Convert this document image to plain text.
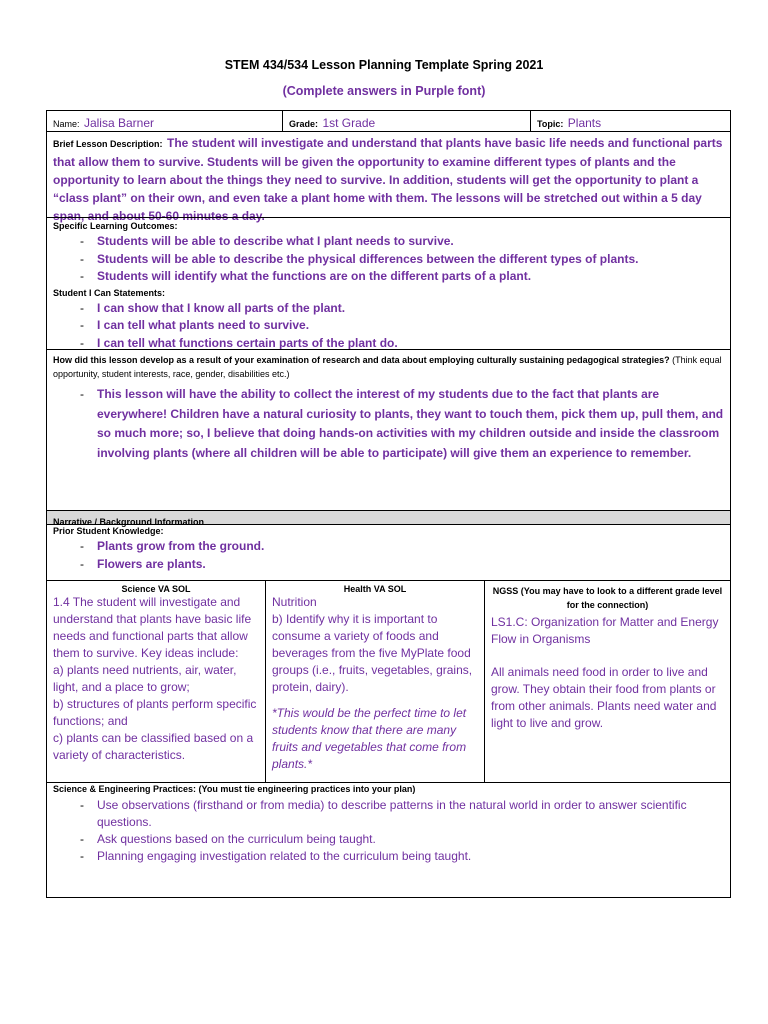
STEM 434/534 Lesson Planning Template Spring 2021
(Complete answers in Purple font)
Name: Jalisa Barner	Grade: 1st Grade	Topic: Plants
Brief Lesson Description: The student will investigate and understand that plants have basic life needs and functional parts that allow them to survive. Students will be given the opportunity to examine different types of plants and the opportunity to learn about the things they need to survive. In addition, students will get the opportunity to plant a “class plant” on their own, and even take a plant home with them. The lessons will be stretched out within a 5 day span, and about 50-60 minutes a day.
Specific Learning Outcomes:
- Students will be able to describe what I plant needs to survive.
- Students will be able to describe the physical differences between the different types of plants.
- Students will identify what the functions are on the different parts of a plant.
Student I Can Statements:
- I can show that I know all parts of the plant.
- I can tell what plants need to survive.
- I can tell what functions certain parts of the plant do.
How did this lesson develop as a result of your examination of research and data about employing culturally sustaining pedagogical strategies? (Think equal opportunity, student interests, race, gender, disabilities etc.)
- This lesson will have the ability to collect the interest of my students due to the fact that plants are everywhere! Children have a natural curiosity to plants, they want to touch them, pick them up, pull them, and so much more; so, I believe that doing hands-on activities with my children outside and inside the classroom involving plants (where all children will be able to participate) will give them an experience to remember.
Narrative / Background Information
Prior Student Knowledge:
- Plants grow from the ground.
- Flowers are plants.
Science VA SOL
1.4 The student will investigate and understand that plants have basic life needs and functional parts that allow them to survive. Key ideas include:
a) plants need nutrients, air, water, light, and a place to grow;
b) structures of plants perform specific functions; and
c) plants can be classified based on a variety of characteristics.
Health VA SOL
Nutrition
b) Identify why it is important to consume a variety of foods and beverages from the five MyPlate food groups (i.e., fruits, vegetables, grains, protein, dairy).
*This would be the perfect time to let students know that there are many fruits and vegetables that come from plants.*
NGSS (You may have to look to a different grade level for the connection)
LS1.C: Organization for Matter and Energy Flow in Organisms
All animals need food in order to live and grow. They obtain their food from plants or from other animals. Plants need water and light to live and grow.
Science & Engineering Practices: (You must tie engineering practices into your plan)
- Use observations (firsthand or from media) to describe patterns in the natural world in order to answer scientific questions.
- Ask questions based on the curriculum being taught.
- Planning engaging investigation related to the curriculum being taught.
